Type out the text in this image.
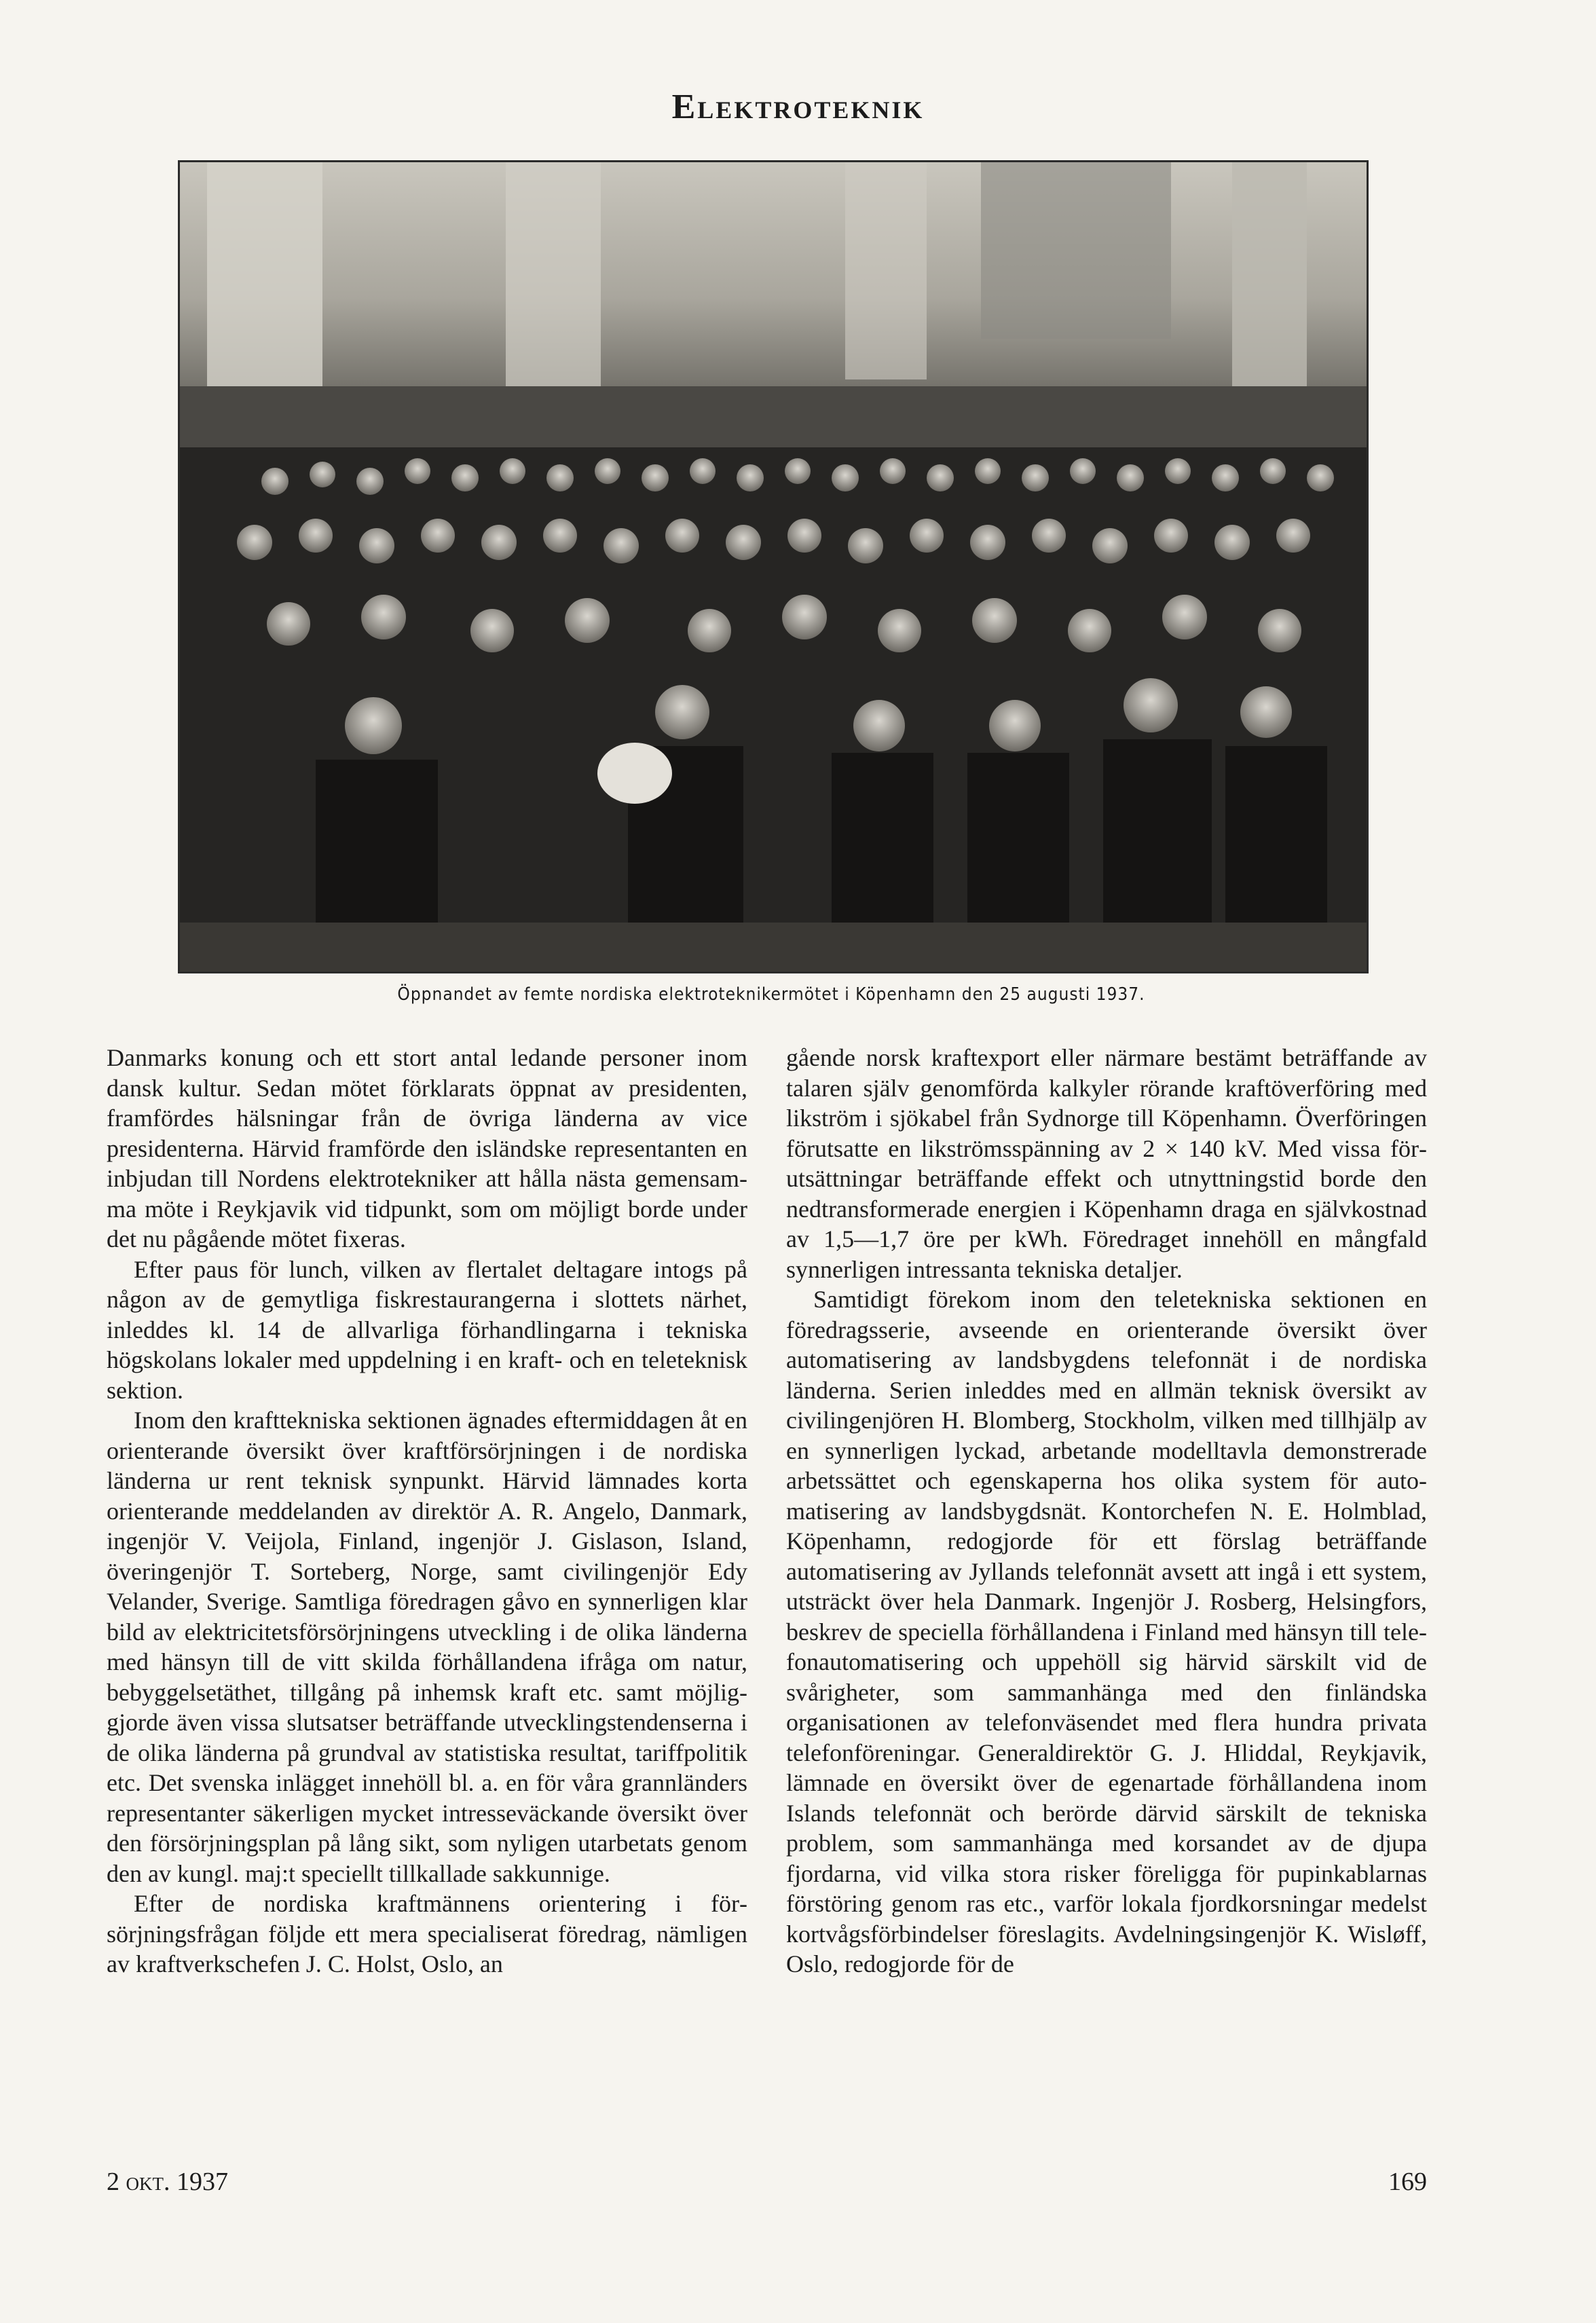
Elektroteknik
Öppnandet av femte nordiska elektroteknikermötet i Köpenhamn den 25 augusti 1937.

Danmarks konung och ett stort antal ledande personer inom dansk kultur. Sedan mötet förklarats öppnat av presidenten, framfördes hälsningar från de övriga länderna av vice presidenterna. Härvid framförde den isländske representanten en inbjudan till Nordens elektrotekniker att hålla nästa gemensamma möte i Reykjavik vid tidpunkt, som om möjligt borde under det nu pågående mötet fixeras.

Efter paus för lunch, vilken av flertalet deltagare intogs på någon av de gemytliga fiskrestaurangerna i slottets närhet, inleddes kl. 14 de allvarliga förhandlingarna i tekniska högskolans lokaler med uppdelning i en kraft- och en teleteknisk sektion.

Inom den krafttekniska sektionen ägnades eftermiddagen åt en orienterande översikt över kraftförsörjningen i de nordiska länderna ur rent teknisk synpunkt. Härvid lämnades korta orienterande meddelanden av direktör A. R. Angelo, Danmark, ingenjör V. Veijola, Finland, ingenjör J. Gislason, Island, överingenjör T. Sorteberg, Norge, samt civilingenjör Edy Velander, Sverige. Samtliga föredragen gåvo en synnerligen klar bild av elektricitetsförsörjningens utveckling i de olika länderna med hänsyn till de vitt skilda förhållandena ifråga om natur, bebyggelsetäthet, tillgång på inhemsk kraft etc. samt möjliggjorde även vissa slutsatser beträffande utvecklingstendenserna i de olika länderna på grundval av statistiska resultat, tariffpolitik etc. Det svenska inlägget innehöll bl. a. en för våra grannländers representanter säkerligen mycket intresseväckande översikt över den försörjningsplan på lång sikt, som nyligen utarbetats genom den av kungl. maj:t speciellt tillkallade sakkunnige.

Efter de nordiska kraftmännens orientering i försörjningsfrågan följde ett mera specialiserat föredrag, nämligen av kraftverkschefen J. C. Holst, Oslo, an

gående norsk kraftexport eller närmare bestämt beträffande av talaren själv genomförda kalkyler rörande kraftöverföring med likström i sjökabel från Sydnorge till Köpenhamn. Överföringen förutsatte en likströmsspänning av 2 × 140 kV. Med vissa förutsättningar beträffande effekt och utnyttningstid borde den nedtransformerade energien i Köpenhamn draga en självkostnad av 1,5—1,7 öre per kWh. Föredraget innehöll en mångfald synnerligen intressanta tekniska detaljer.

Samtidigt förekom inom den teletekniska sektionen en föredragsserie, avseende en orienterande översikt över automatisering av landsbygdens telefonnät i de nordiska länderna. Serien inleddes med en allmän teknisk översikt av civilingenjören H. Blomberg, Stockholm, vilken med tillhjälp av en synnerligen lyckad, arbetande modelltavla demonstrerade arbetssättet och egenskaperna hos olika system för automatisering av landsbygdsnät. Kontorchefen N. E. Holmblad, Köpenhamn, redogjorde för ett förslag beträffande automatisering av Jyllands telefonnät avsett att ingå i ett system, utsträckt över hela Danmark. Ingenjör J. Rosberg, Helsingfors, beskrev de speciella förhållandena i Finland med hänsyn till telefonautomatisering och uppehöll sig härvid särskilt vid de svårigheter, som sammanhänga med den finländska organisationen av telefonväsendet med flera hundra privata telefonföreningar. Generaldirektör G. J. Hliddal, Reykjavik, lämnade en översikt över de egenartade förhållandena inom Islands telefonnät och berörde därvid särskilt de tekniska problem, som sammanhänga med korsandet av de djupa fjordarna, vid vilka stora risker föreligga för pupinkablarnas förstöring genom ras etc., varför lokala fjordkorsningar medelst kortvågsförbindelser föreslagits. Avdelningsingenjör K. Wisløff, Oslo, redogjorde för de

2 okt. 1937	169
